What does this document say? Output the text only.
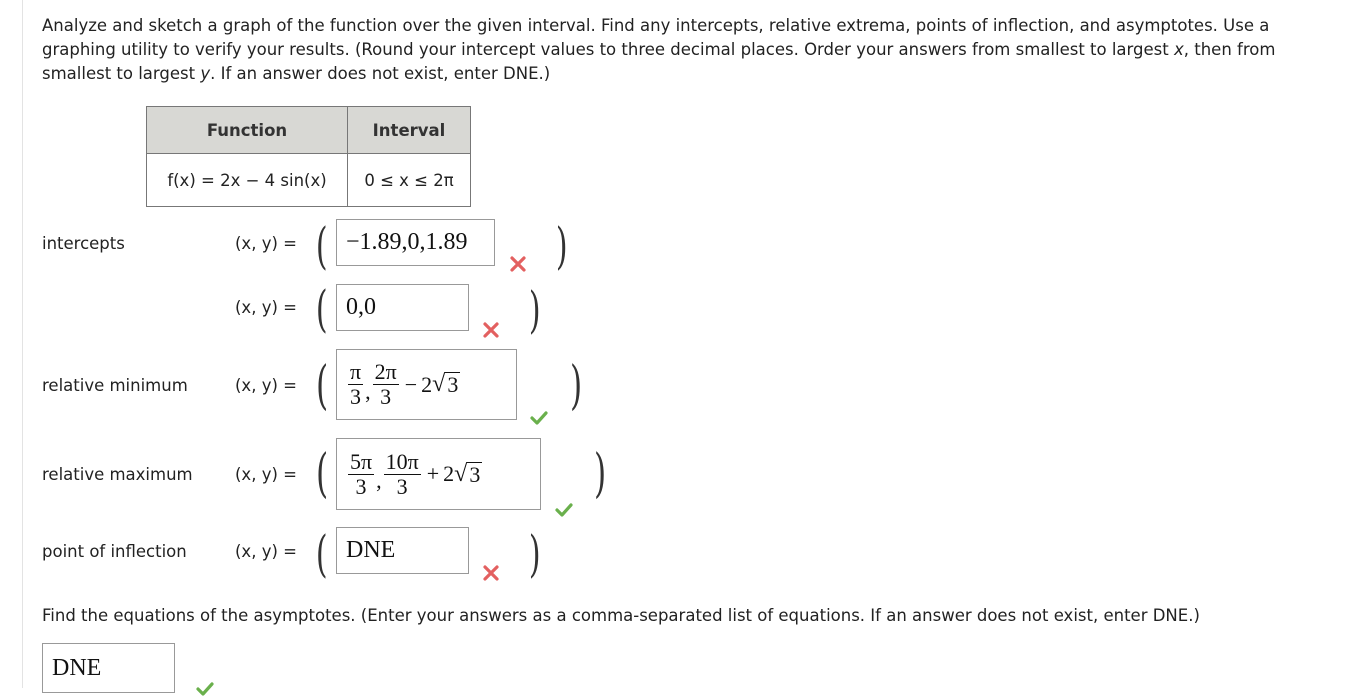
Analyze and sketch a graph of the function over the given interval. Find any intercepts, relative extrema, points of inflection, and asymptotes. Use a graphing utility to verify your results. (Round your intercept values to three decimal places. Order your answers from smallest to largest x, then from smallest to largest y. If an answer does not exist, enter DNE.)

Function	Interval
f(x) = 2x − 4 sin(x)	0 ≤ x ≤ 2π
intercepts	(x, y) = ( −1.89,0,1.89 )
(x, y) = ( 0,0	)
relative minimum	(x, y) = ( $\frac{\pi}{3}$ , $\frac{2\pi}{3} - 2$ √ 3 )
relative maximum	(x, y) = ( $\frac{5\pi}{3}$ , $\frac{10\pi}{3} + 2$ √ 3 )
point of inflection	(x, y) = ( DNE	)
Find the equations of the asymptotes. (Enter your answers as a comma-separated list of equations. If an answer does not exist, enter DNE.)
DNE
